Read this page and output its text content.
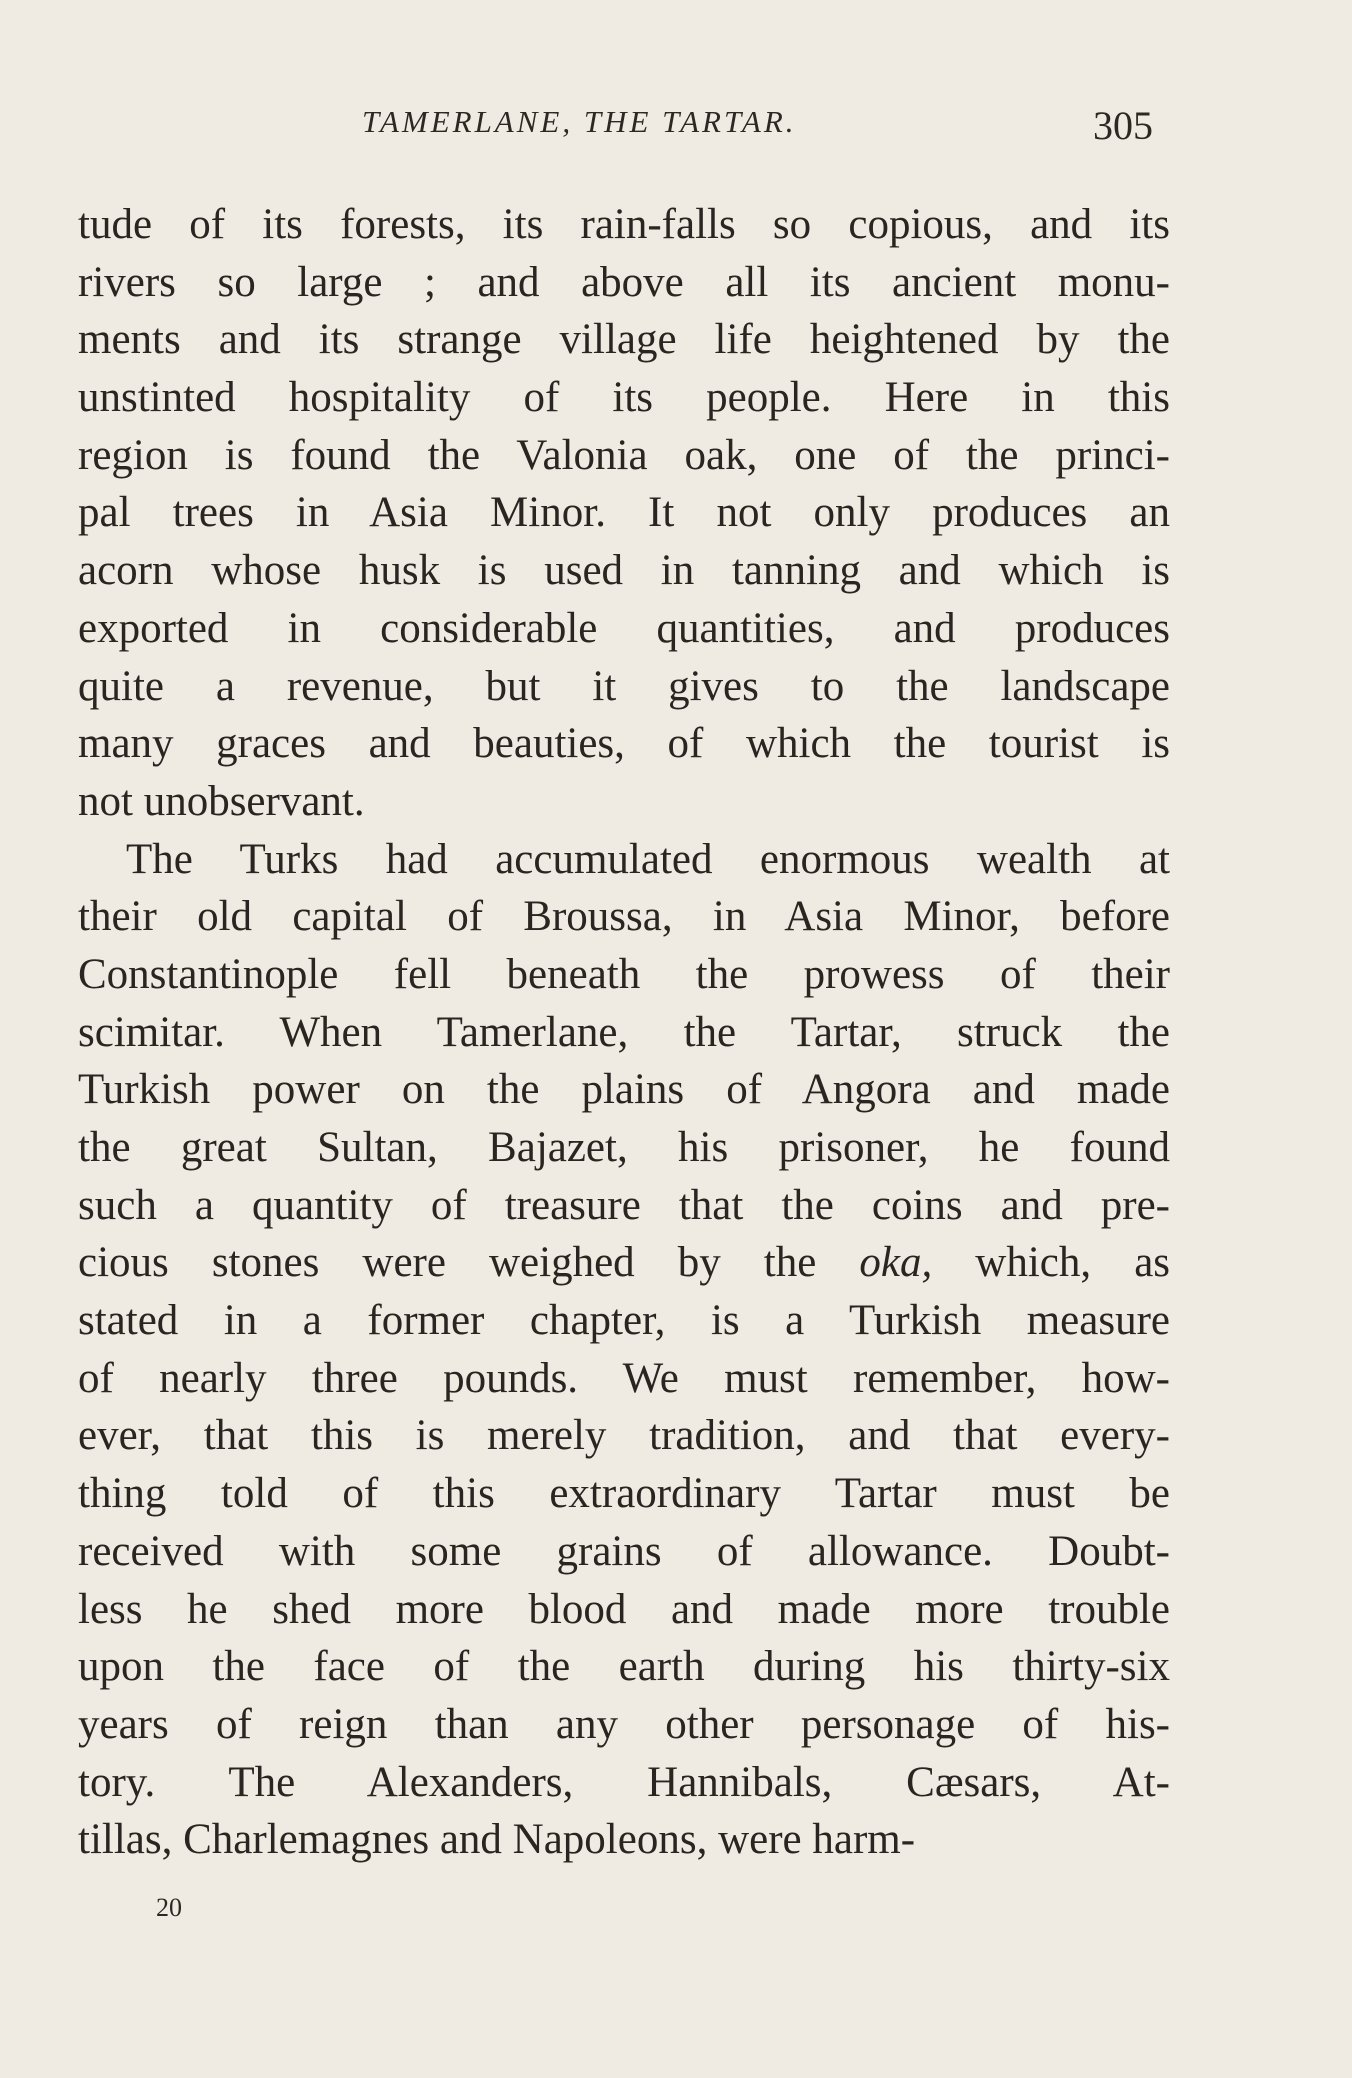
TAMERLANE, THE TARTAR.	305
tude of its forests, its rain-falls so copious, and its
rivers so large ; and above all its ancient monu-
ments and its strange village life heightened by the
unstinted hospitality of its people. Here in this
region is found the Valonia oak, one of the princi-
pal trees in Asia Minor. It not only produces an
acorn whose husk is used in tanning and which is
exported in considerable quantities, and produces
quite a revenue, but it gives to the landscape
many graces and beauties, of which the tourist is
not unobservant.
The Turks had accumulated enormous wealth at
their old capital of Broussa, in Asia Minor, before
Constantinople fell beneath the prowess of their
scimitar. When Tamerlane, the Tartar, struck the
Turkish power on the plains of Angora and made
the great Sultan, Bajazet, his prisoner, he found
such a quantity of treasure that the coins and pre-
cious stones were weighed by the oka, which, as
stated in a former chapter, is a Turkish measure
of nearly three pounds. We must remember, how-
ever, that this is merely tradition, and that every-
thing told of this extraordinary Tartar must be
received with some grains of allowance. Doubt-
less he shed more blood and made more trouble
upon the face of the earth during his thirty-six
years of reign than any other personage of his-
tory. The Alexanders, Hannibals, Cæsars, At-
tillas, Charlemagnes and Napoleons, were harm-
20
